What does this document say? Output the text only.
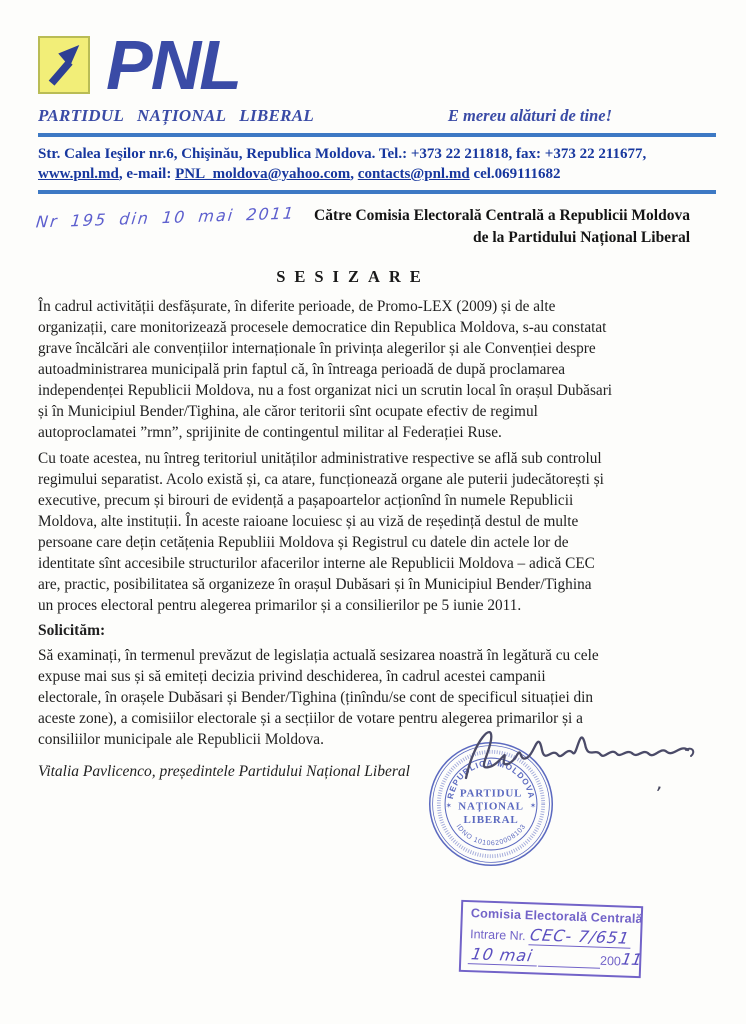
PNL
PARTIDUL NAȚIONAL LIBERAL	E mereu alături de tine!
Str. Calea Ieşilor nr.6, Chişinău, Republica Moldova. Tel.: +373 22 211818, fax: +373 22 211677,
www.pnl.md, e-mail: PNL_moldova@yahoo.com, contacts@pnl.md cel.069111682
Nr 195 din 10 mai 2011	Către Comisia Electorală Centrală a Republicii Moldova
de la Partidului Național Liberal
SESIZARE
În cadrul activității desfășurate, în diferite perioade, de Promo-LEX (2009) și de alte
organizații, care monitorizează procesele democratice din Republica Moldova, s-au constatat
grave încălcări ale convențiilor internaționale în privința alegerilor și ale Convenției despre
autoadministrarea municipală prin faptul că, în întreaga perioadă de după proclamarea
independenței Republicii Moldova, nu a fost organizat nici un scrutin local în orașul Dubăsari
și în Municipiul Bender/Tighina, ale căror teritorii sînt ocupate efectiv de regimul
autoproclamatei ”rmn”, sprijinite de contingentul militar al Federației Ruse.
Cu toate acestea, nu întreg teritoriul unităților administrative respective se află sub controlul
regimului separatist. Acolo există și, ca atare, funcționează organe ale puterii judecătorești și
executive, precum și birouri de evidență a pașapoartelor acționînd în numele Republicii
Moldova, alte instituții. În aceste raioane locuiesc și au viză de reședință destul de multe
persoane care dețin cetățenia Republiii Moldova și Registrul cu datele din actele lor de
identitate sînt accesibile structurilor afacerilor interne ale Republicii Moldova – adică CEC
are, practic, posibilitatea să organizeze în orașul Dubăsari și în Municipiul Bender/Tighina
un proces electoral pentru alegerea primarilor și a consilierilor pe 5 iunie 2011.
Solicităm:
Să examinați, în termenul prevăzut de legislația actuală sesizarea noastră în legătură cu cele
expuse mai sus și să emiteți decizia privind deschiderea, în cadrul acestei campanii
electorale, în orașele Dubăsari și Bender/Tighina (ținîndu/se cont de specificul situației din
aceste zone), a comisiilor electorale și a secțiilor de votare pentru alegerea primarilor și a
consiliilor municipale ale Republicii Moldova.
Vitalia Pavlicenco, președintele Partidului Național Liberal
REPUBLICA MOLDOVA
IDNO 1010620008103
PARTIDUL
NAȚIONAL
LIBERAL
✶	✶	’
Comisia Electorală Centrală
Intrare Nr. CEC- 7/651
10 mai	200
11
